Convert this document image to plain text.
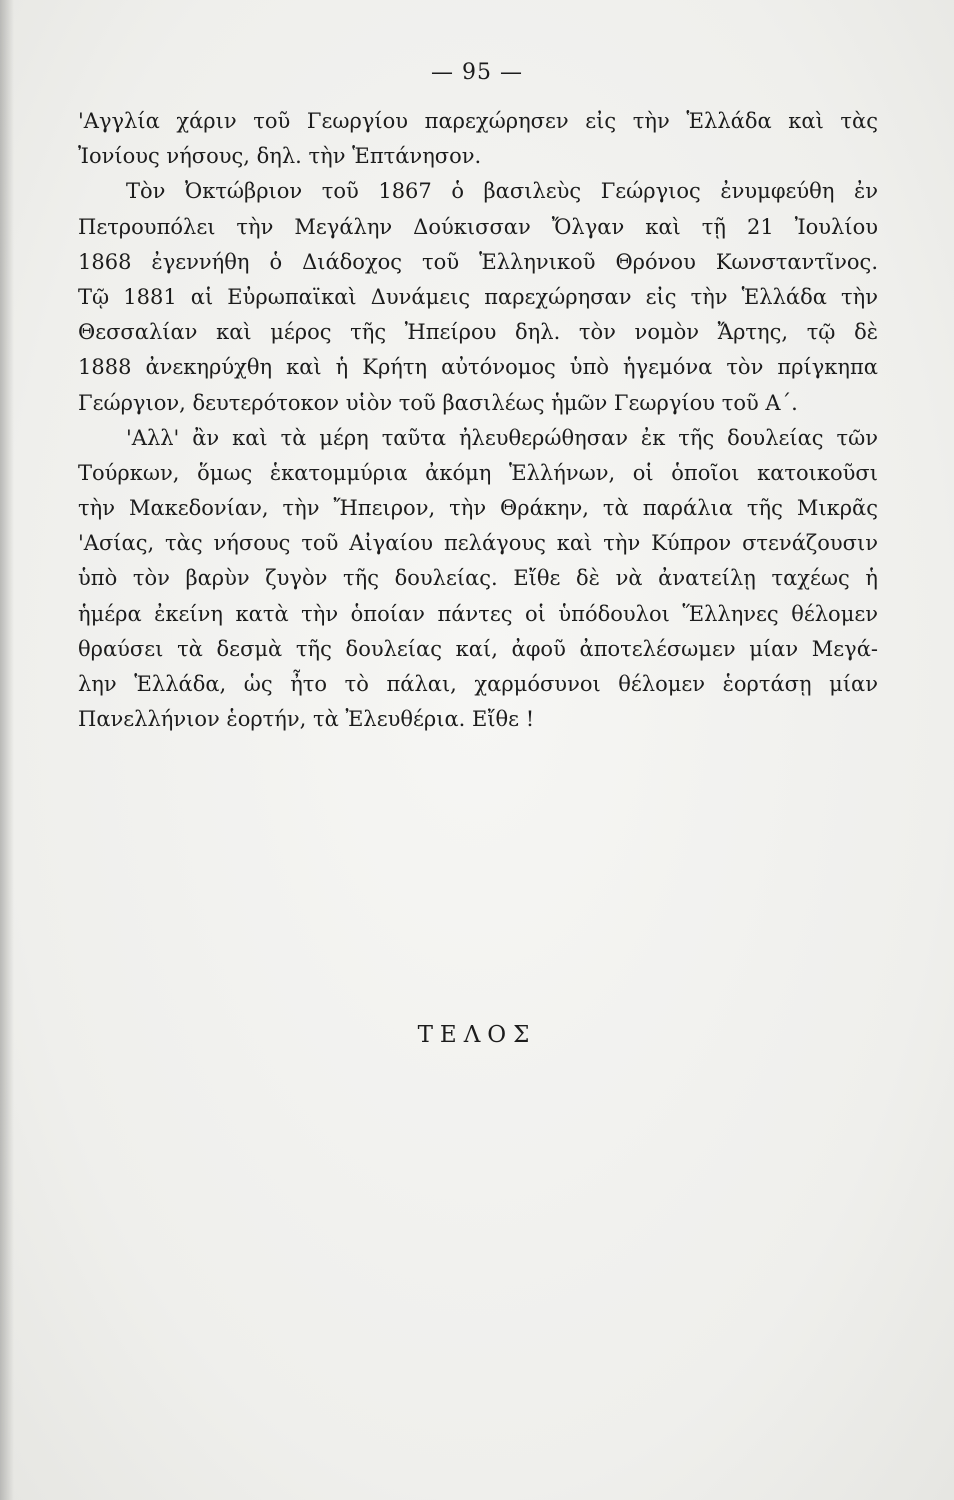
— 95 —
'Αγγλία χάριν τοῦ Γεωργίου παρεχώρησεν εἰς τὴν Ἑλλάδα καὶ τὰς
Ἰονίους νήσους, δηλ. τὴν Ἑπτάνησον.
Τὸν Ὀκτώβριον τοῦ 1867 ὁ βασιλεὺς Γεώργιος ἐνυμφεύθη ἐν
Πετρουπόλει τὴν Μεγάλην Δούκισσαν Ὄλγαν καὶ τῇ 21 Ἰουλίου
1868 ἐγεννήθη ὁ Διάδοχος τοῦ Ἑλληνικοῦ Θρόνου Κωνσταντῖνος.
Τῷ 1881 αἱ Εὐρωπαϊκαὶ Δυνάμεις παρεχώρησαν εἰς τὴν Ἑλλάδα τὴν
Θεσσαλίαν καὶ μέρος τῆς Ἠπείρου δηλ. τὸν νομὸν Ἄρτης, τῷ δὲ
1888 ἀνεκηρύχθη καὶ ἡ Κρήτη αὐτόνομος ὑπὸ ἡγεμόνα τὸν πρίγκηπα
Γεώργιον, δευτερότοκον υἱὸν τοῦ βασιλέως ἡμῶν Γεωργίου τοῦ Α΄.
'Αλλ' ἂν καὶ τὰ μέρη ταῦτα ἠλευθερώθησαν ἐκ τῆς δουλείας τῶν
Τούρκων, ὅμως ἑκατομμύρια ἀκόμη Ἑλλήνων, οἱ ὁποῖοι κατοικοῦσι
τὴν Μακεδονίαν, τὴν Ἤπειρον, τὴν Θράκην, τὰ παράλια τῆς Μικρᾶς
'Ασίας, τὰς νήσους τοῦ Αἰγαίου πελάγους καὶ τὴν Κύπρον στενάζουσιν
ὑπὸ τὸν βαρὺν ζυγὸν τῆς δουλείας. Εἴθε δὲ νὰ ἀνατείλῃ ταχέως ἡ
ἡμέρα ἐκείνη κατὰ τὴν ὁποίαν πάντες οἱ ὑπόδουλοι Ἕλληνες θέλομεν
θραύσει τὰ δεσμὰ τῆς δουλείας καί, ἀφοῦ ἀποτελέσωμεν μίαν Μεγά-
λην Ἑλλάδα, ὡς ἦτο τὸ πάλαι, χαρμόσυνοι θέλομεν ἑορτάσῃ μίαν
Πανελλήνιον ἑορτήν, τὰ Ἐλευθέρια. Εἴθε !
ΤΕΛΟΣ
